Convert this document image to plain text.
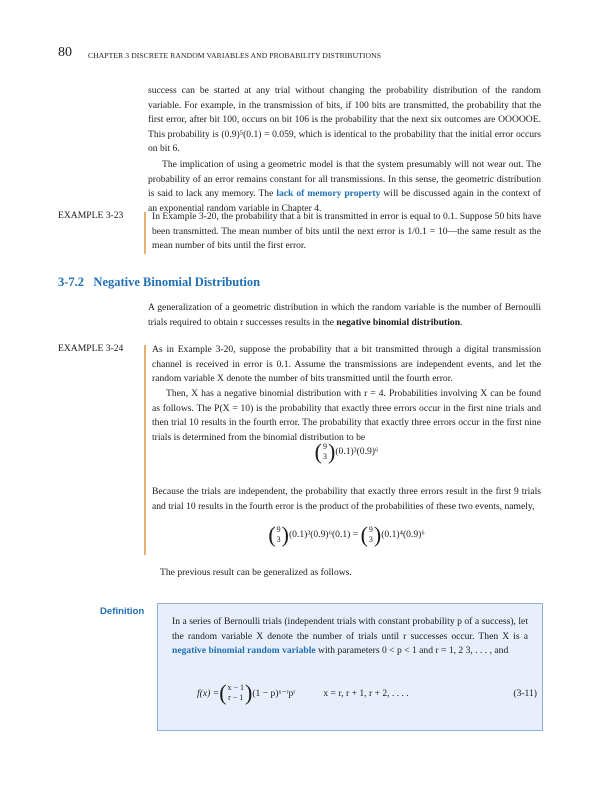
80 CHAPTER 3 DISCRETE RANDOM VARIABLES AND PROBABILITY DISTRIBUTIONS

success can be started at any trial without changing the probability distribution of the random variable. For example, in the transmission of bits, if 100 bits are transmitted, the probability that the first error, after bit 100, occurs on bit 106 is the probability that the next six outcomes are OOOOOE. This probability is (0.9)⁵(0.1) = 0.059, which is identical to the probability that the initial error occurs on bit 6.

The implication of using a geometric model is that the system presumably will not wear out. The probability of an error remains constant for all transmissions. In this sense, the geometric distribution is said to lack any memory. The lack of memory property will be discussed again in the context of an exponential random variable in Chapter 4.

EXAMPLE 3-23	In Example 3-20, the probability that a bit is transmitted in error is equal to 0.1. Suppose 50 bits have been transmitted. The mean number of bits until the next error is 1/0.1 = 10—the same result as the mean number of bits until the first error.

3-7.2 Negative Binomial Distribution

A generalization of a geometric distribution in which the random variable is the number of Bernoulli trials required to obtain r successes results in the negative binomial distribution.

EXAMPLE 3-24	As in Example 3-20, suppose the probability that a bit transmitted through a digital transmission channel is received in error is 0.1. Assume the transmissions are independent events, and let the random variable X denote the number of bits transmitted until the fourth error.

Then, X has a negative binomial distribution with r = 4. Probabilities involving X can be found as follows. The P(X = 10) is the probability that exactly three errors occur in the first nine trials and then trial 10 results in the fourth error. The probability that exactly three errors occur in the first nine trials is determined from the binomial distribution to be

( 9
3 ) (0.1)³(0.9)⁶

Because the trials are independent, the probability that exactly three errors result in the first 9 trials and trial 10 results in the fourth error is the product of the probabilities of these two events, namely,

( 9
3 ) (0.1)³(0.9)⁶(0.1) = ( 9
3 ) (0.1)⁴(0.9)⁶

The previous result can be generalized as follows.

Definition

In a series of Bernoulli trials (independent trials with constant probability p of a success), let the random variable X denote the number of trials until r successes occur. Then X is a negative binomial random variable with parameters 0 < p < 1 and r = 1, 2 3, . . . , and

f(x) = ( x − 1
r − 1 ) (1 − p)ˣ⁻ʳpʳ	x = r, r + 1, r + 2, . . . .	(3-11)
